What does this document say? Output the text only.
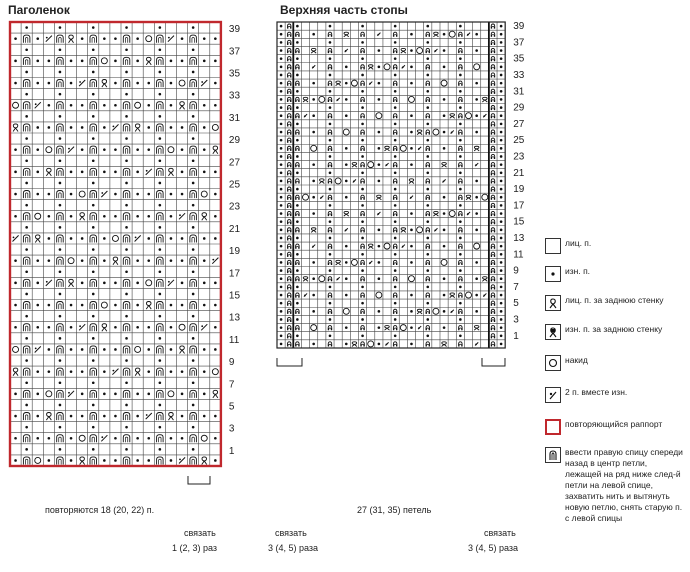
Паголенок	Верхняя часть стопы
39
37
35
33
31
29
27
25
23
21
19
17
15
13
11
9
7
5
3
1
39
37
35
33
31
29
27
25
23
21
19
17
15
13
11
9
7
5
3
1
повторяются 18 (20, 22) п.
связать
1 (2, 3) раз
27 (31, 35) петель
связать
3 (4, 5) раза
связать
3 (4, 5) раза
лиц. п.
изн. п.
лиц. п. за заднюю стенку
изн. п. за заднюю стенку
накид
2 п. вместе изн.
повторяющийся раппорт
ввести правую спицу спереди назад в центр петли, лежащей на ряд ниже след-й петли на левой спице, захватить нить и вытянуть новую петлю, снять старую п. с левой спицы
